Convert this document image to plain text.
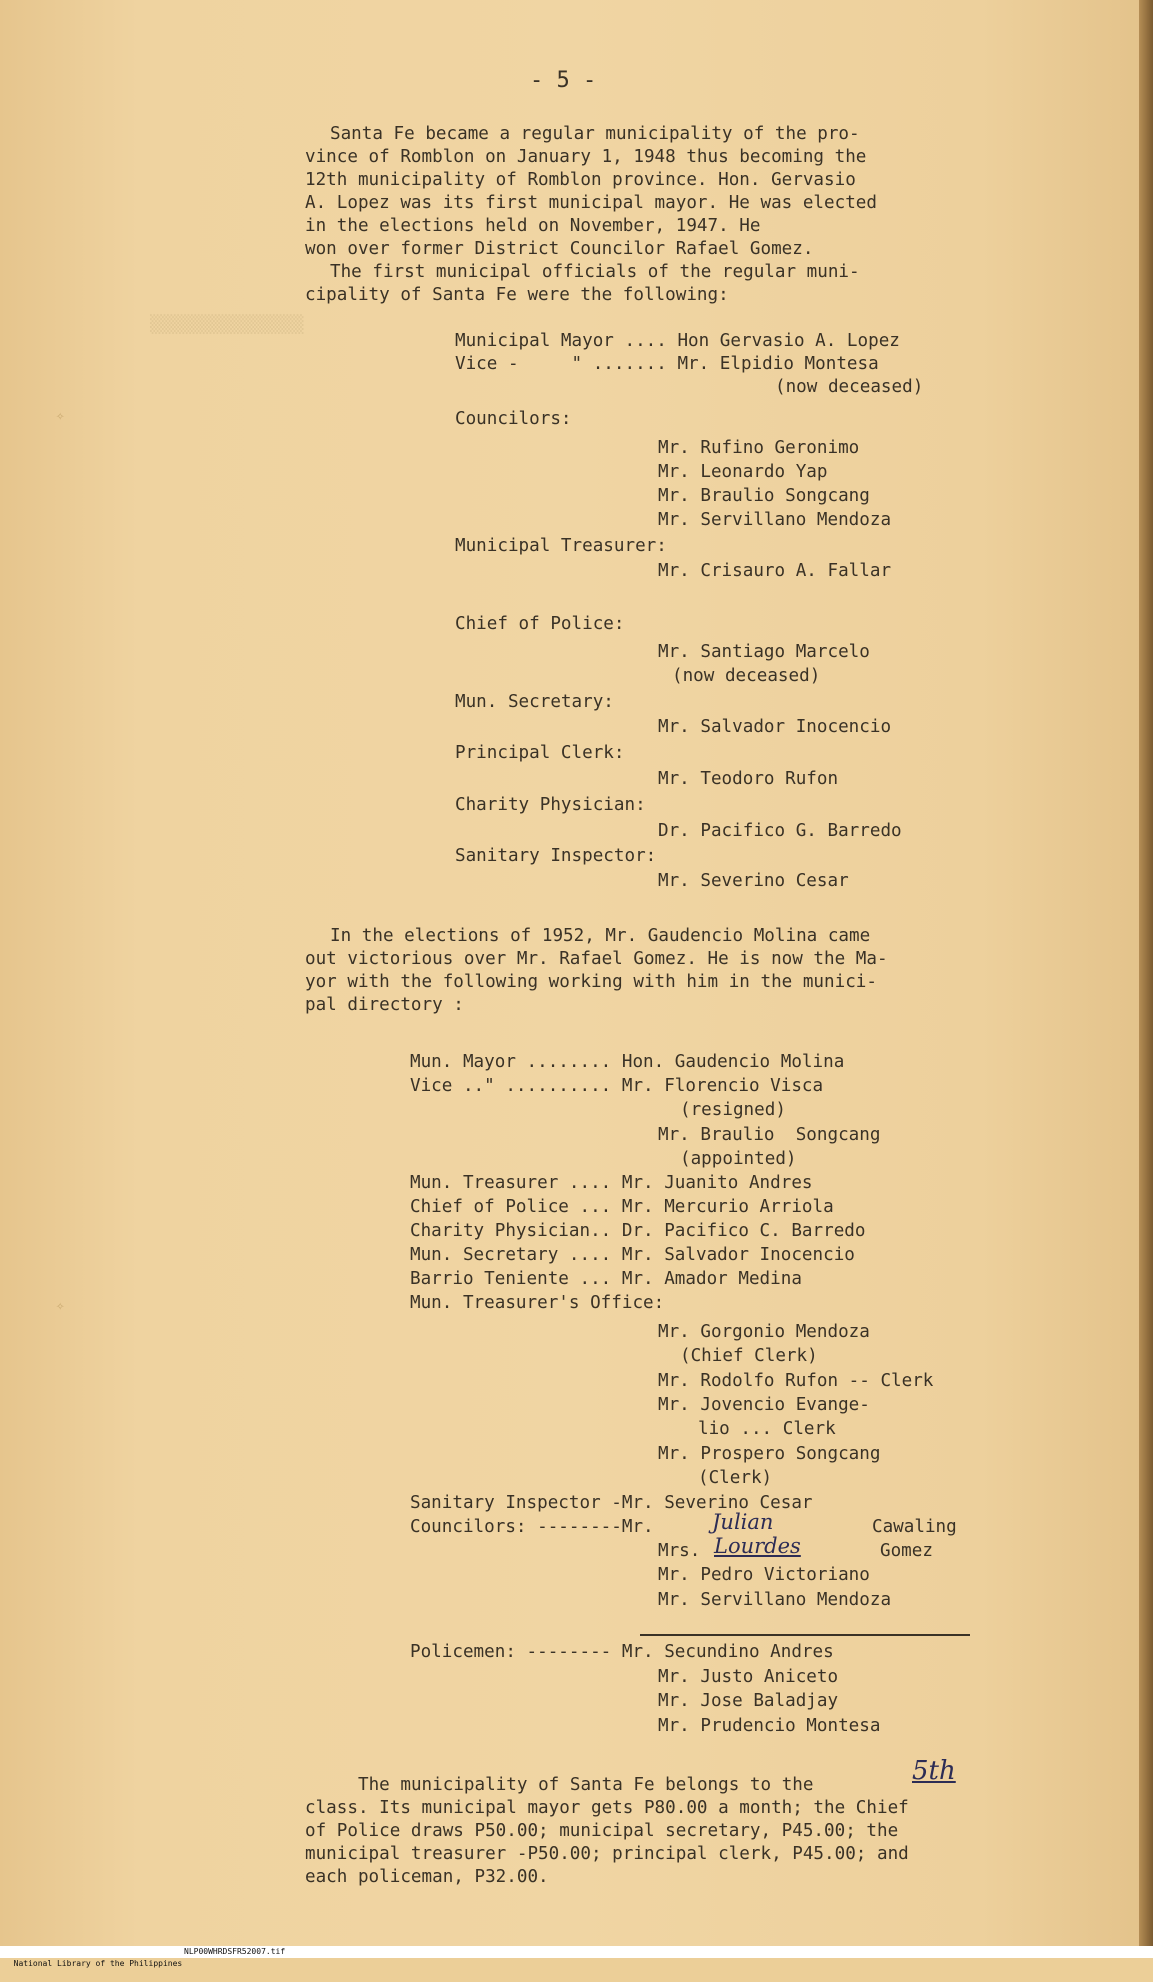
✧
✧
▒▒▒▒▒▒▒▒▒▒▒▒▒▒▒
- 5 -
Santa Fe became a regular municipality of the pro-
vince of Romblon on January 1, 1948 thus becoming the
12th municipality of Romblon province. Hon. Gervasio
A. Lopez was its first municipal mayor. He was elected
in the elections held on November, 1947. He
won over former District Councilor Rafael Gomez.
The first municipal officials of the regular muni-
cipality of Santa Fe were the following:
Municipal Mayor .... Hon Gervasio A. Lopez
Vice -     " ....... Mr. Elpidio Montesa
(now deceased)
Councilors:
Mr. Rufino Geronimo
Mr. Leonardo Yap
Mr. Braulio Songcang
Mr. Servillano Mendoza
Municipal Treasurer:
Mr. Crisauro A. Fallar
Chief of Police:
Mr. Santiago Marcelo
(now deceased)
Mun. Secretary:
Mr. Salvador Inocencio
Principal Clerk:
Mr. Teodoro Rufon
Charity Physician:
Dr. Pacifico G. Barredo
Sanitary Inspector:
Mr. Severino Cesar
In the elections of 1952, Mr. Gaudencio Molina came
out victorious over Mr. Rafael Gomez. He is now the Ma-
yor with the following working with him in the munici-
pal directory :
Mun. Mayor ........ Hon. Gaudencio Molina
Vice .." .......... Mr. Florencio Visca
(resigned)
Mr. Braulio  Songcang
(appointed)
Mun. Treasurer .... Mr. Juanito Andres
Chief of Police ... Mr. Mercurio Arriola
Charity Physician.. Dr. Pacifico C. Barredo
Mun. Secretary .... Mr. Salvador Inocencio
Barrio Teniente ... Mr. Amador Medina
Mun. Treasurer's Office:
Mr. Gorgonio Mendoza
(Chief Clerk)
Mr. Rodolfo Rufon -- Clerk
Mr. Jovencio Evange-
lio ... Clerk
Mr. Prospero Songcang
(Clerk)
Sanitary Inspector -Mr. Severino Cesar
Councilors: --------Mr.	Julian	Cawaling
Mrs. Lourdes	Gomez
Mr. Pedro Victoriano
Mr. Servillano Mendoza
Policemen: -------- Mr. Secundino Andres
Mr. Justo Aniceto
Mr. Jose Baladjay
Mr. Prudencio Montesa
The municipality of Santa Fe belongs to the	5th
class. Its municipal mayor gets P80.00 a month; the Chief
of Police draws P50.00; municipal secretary, P45.00; the
municipal treasurer -P50.00; principal clerk, P45.00; and
each policeman, P32.00.

National Library of the Philippines

NLP00WHRDSFR52007.tif
